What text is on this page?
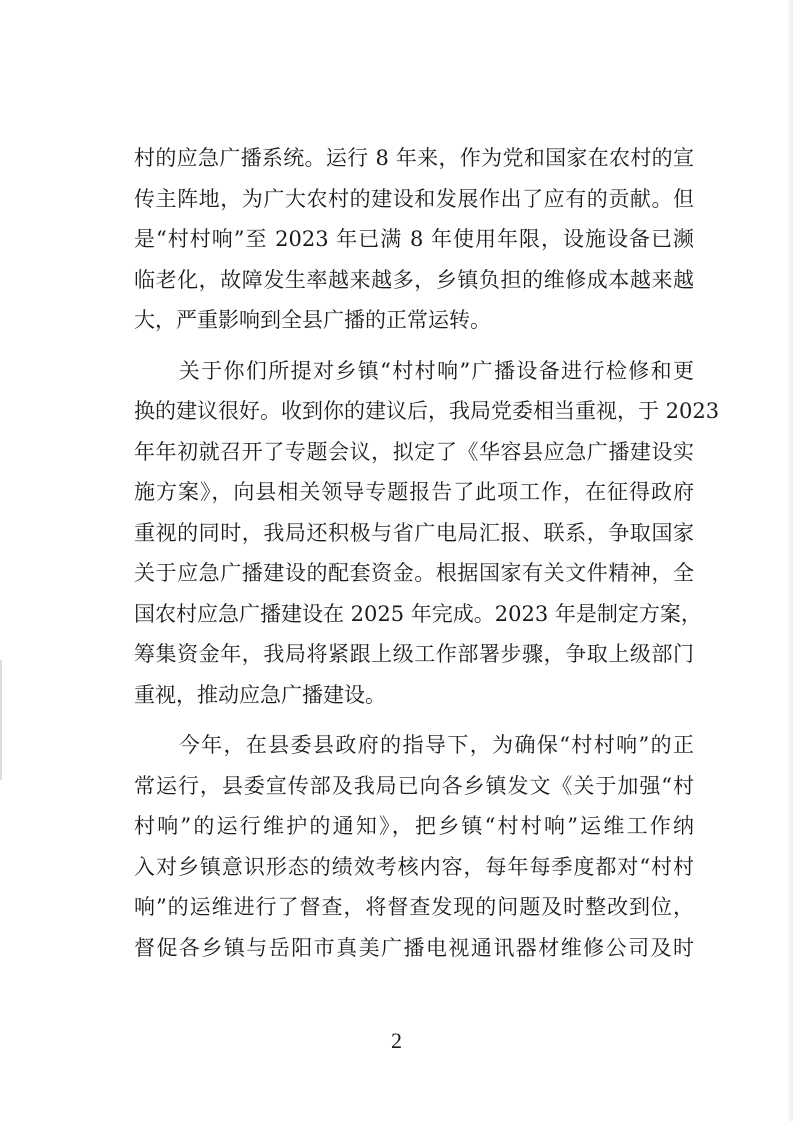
村的应急广播系统。运行 8 年来，作为党和国家在农村的宣
传主阵地，为广大农村的建设和发展作出了应有的贡献。但
是“村村响”至 2023 年已满 8 年使用年限，设施设备已濒
临老化，故障发生率越来越多，乡镇负担的维修成本越来越
大，严重影响到全县广播的正常运转。
　　关于你们所提对乡镇“村村响”广播设备进行检修和更
换的建议很好。收到你的建议后，我局党委相当重视，于 2023
年年初就召开了专题会议，拟定了《华容县应急广播建设实
施方案》，向县相关领导专题报告了此项工作，在征得政府
重视的同时，我局还积极与省广电局汇报、联系，争取国家
关于应急广播建设的配套资金。根据国家有关文件精神，全
国农村应急广播建设在 2025 年完成。2023 年是制定方案，
筹集资金年，我局将紧跟上级工作部署步骤，争取上级部门
重视，推动应急广播建设。
　　今年，在县委县政府的指导下，为确保“村村响”的正
常运行，县委宣传部及我局已向各乡镇发文《关于加强“村
村响”的运行维护的通知》，把乡镇“村村响”运维工作纳
入对乡镇意识形态的绩效考核内容，每年每季度都对“村村
响”的运维进行了督查，将督查发现的问题及时整改到位，
督促各乡镇与岳阳市真美广播电视通讯器材维修公司及时
2
